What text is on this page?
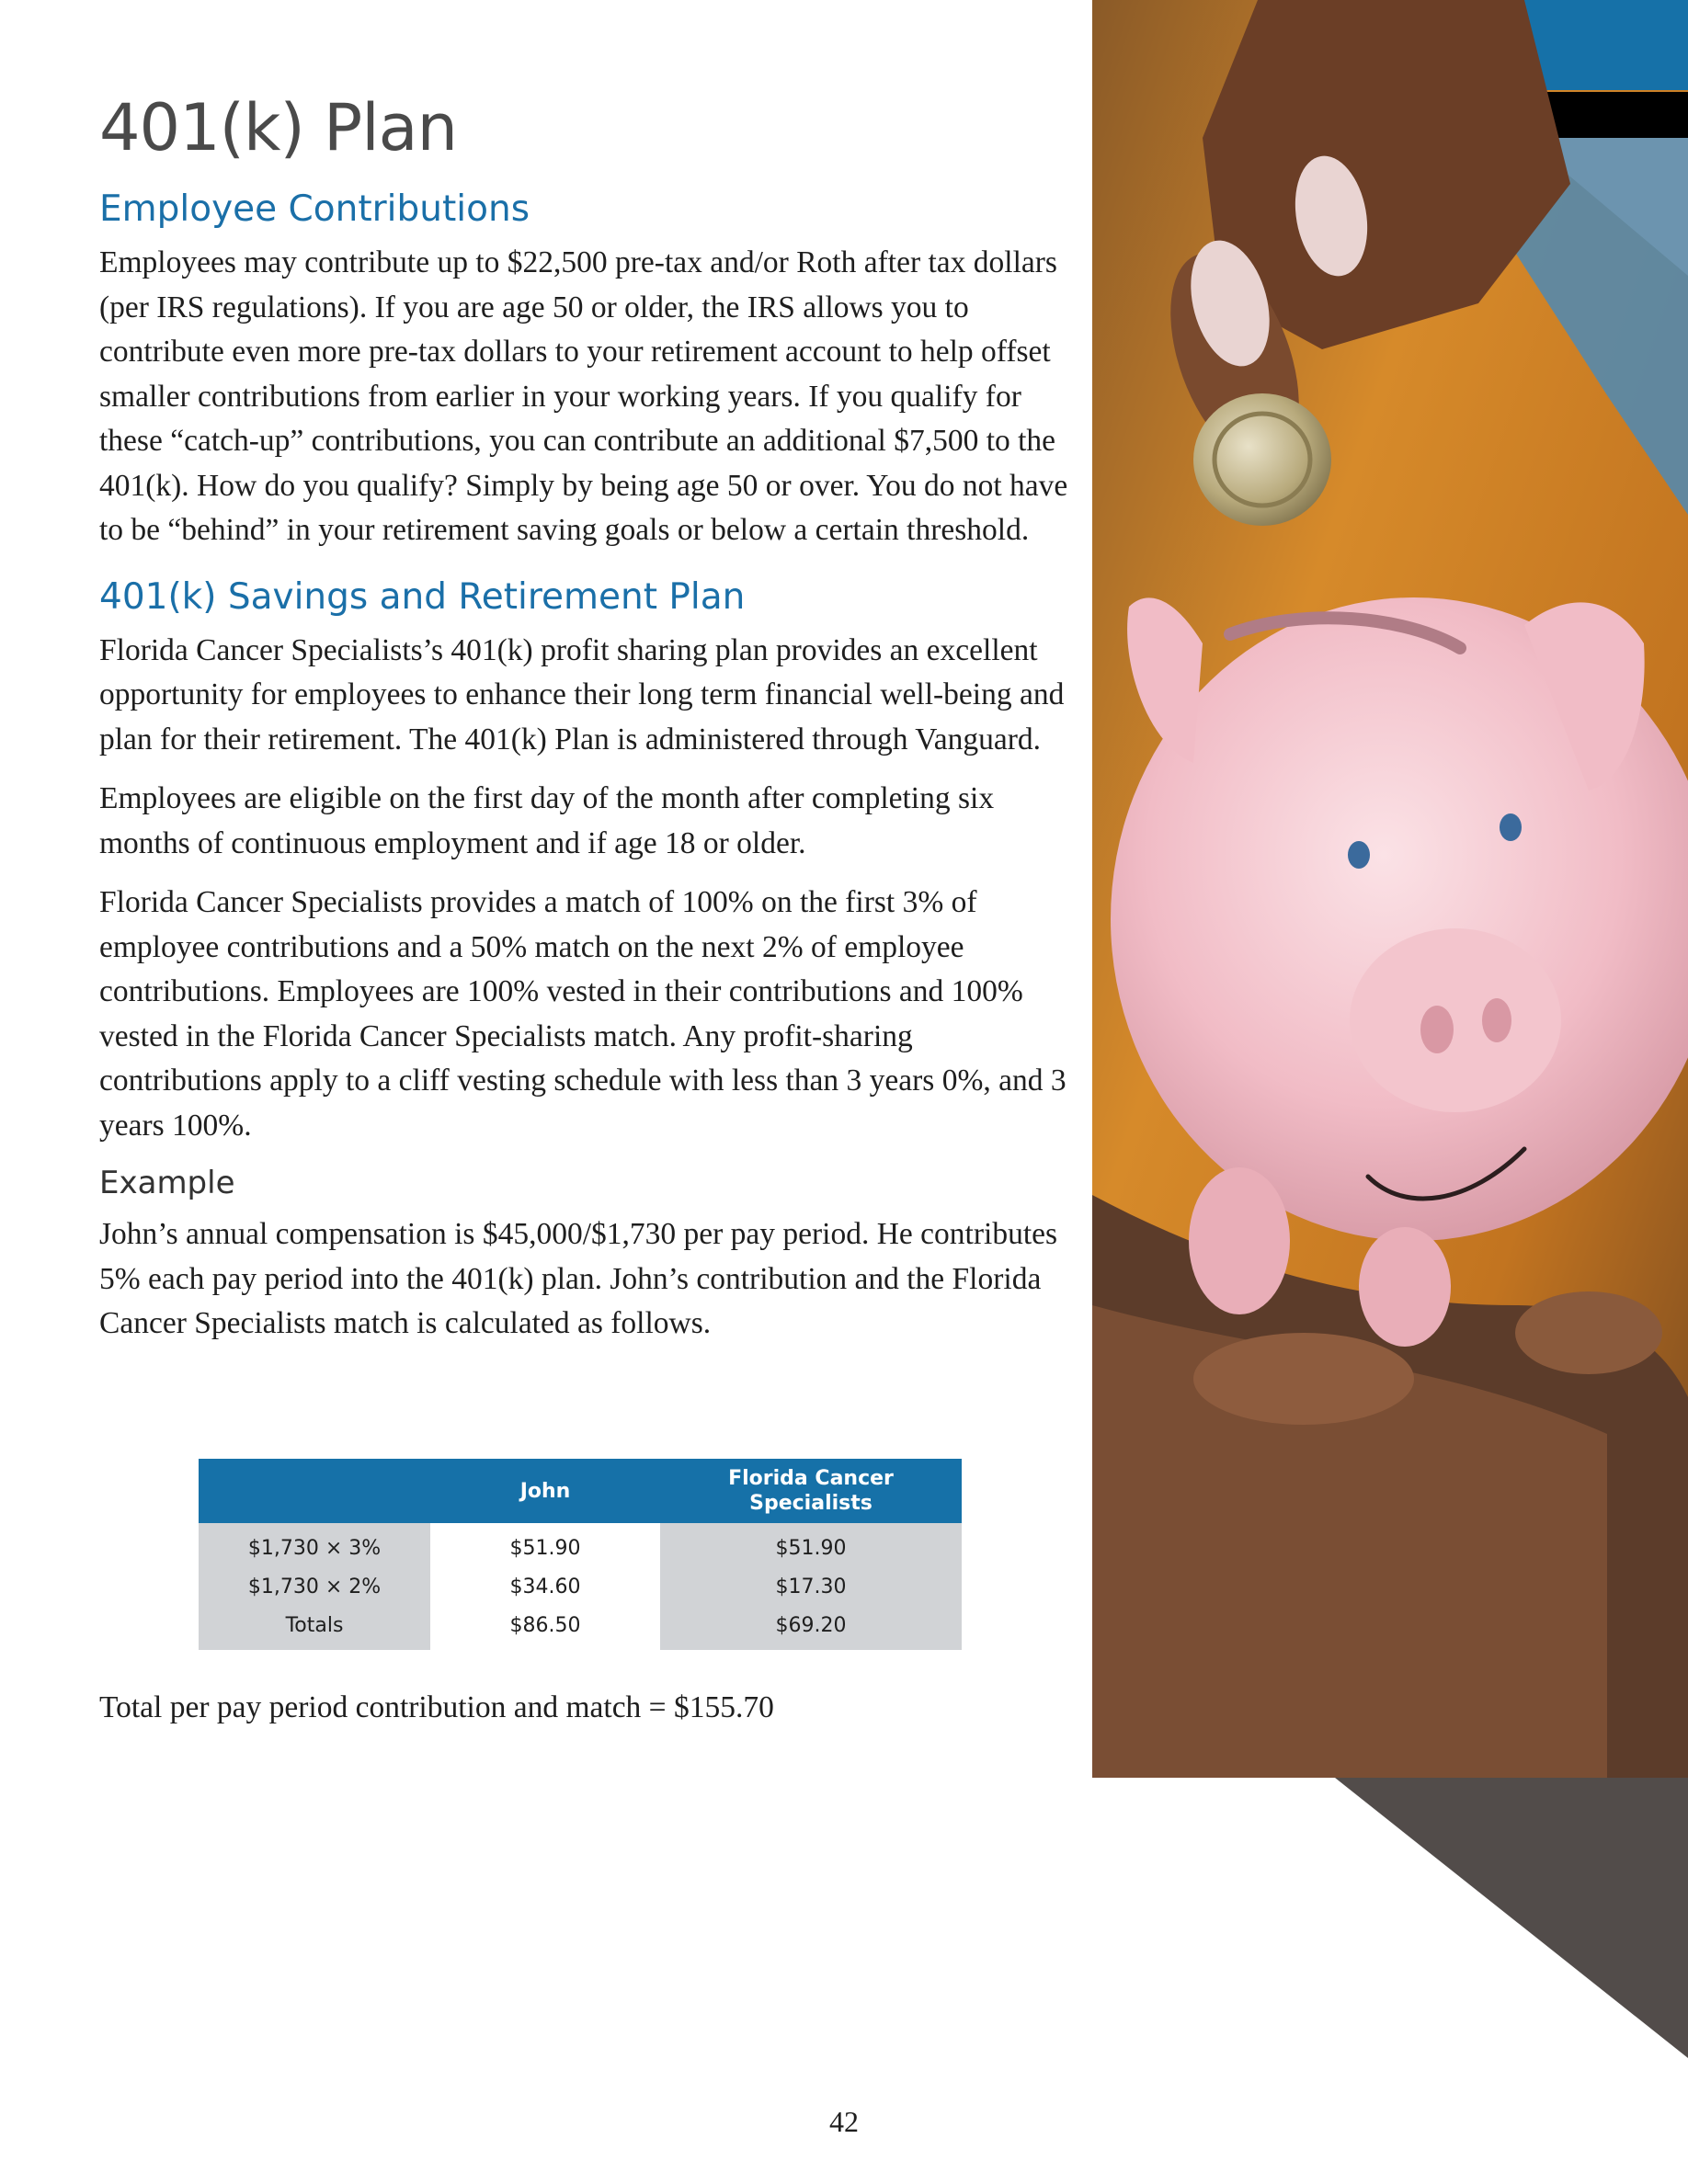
401(k) Plan
Employee Contributions

Employees may contribute up to $22,500 pre-tax and/or Roth after tax dollars (per IRS regulations). If you are age 50 or older, the IRS allows you to contribute even more pre-tax dollars to your retirement account to help offset smaller contributions from earlier in your working years. If you qualify for these “catch-up” contributions, you can contribute an additional $7,500 to the 401(k). How do you qualify? Simply by being age 50 or over. You do not have to be “behind” in your retirement saving goals or below a certain threshold.

401(k) Savings and Retirement Plan

Florida Cancer Specialists’s 401(k) profit sharing plan provides an excellent opportunity for employees to enhance their long term financial well-being and plan for their retirement. The 401(k) Plan is administered through Vanguard.

Employees are eligible on the first day of the month after completing six months of continuous employment and if age 18 or older.

Florida Cancer Specialists provides a match of 100% on the first 3% of employee contributions and a 50% match on the next 2% of employee contributions. Employees are 100% vested in their contributions and 100% vested in the Florida Cancer Specialists match. Any profit-sharing contributions apply to a cliff vesting schedule with less than 3 years 0%, and 3 years 100%.

Example

John’s annual compensation is $45,000/$1,730 per pay period. He contributes 5% each pay period into the 401(k) plan. John’s contribution and the Florida Cancer Specialists match is calculated as follows.

	John	Florida Cancer Specialists
$1,730 × 3%	$51.90	$51.90
$1,730 × 2%	$34.60	$17.30
Totals	$86.50	$69.20

Total per pay period contribution and match = $155.70

42
